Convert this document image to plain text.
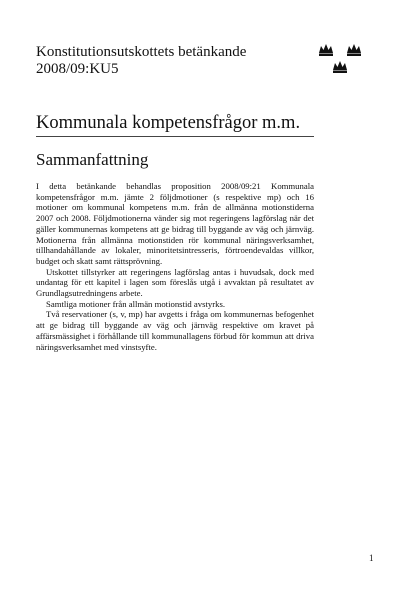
Konstitutionsutskottets betänkande
2008/09:KU5
Kommunala kompetensfrågor m.m.
Sammanfattning

I detta betänkande behandlas proposition 2008/09:21 Kommunala kompetensfrågor m.m. jämte 2 följdmotioner (s respektive mp) och 16 motioner om kommunal kompetens m.m. från de allmänna motionstiderna 2007 och 2008. Följdmotionerna vänder sig mot regeringens lagförslag när det gäller kommunernas kompetens att ge bidrag till byggande av väg och järnväg. Motionerna från allmänna motionstiden rör kommunal näringsverksamhet, tillhandahållande av lokaler, minoritetsintresseris, förtroendevaldas villkor, budget och skatt samt rättsprövning.

Utskottet tillstyrker att regeringens lagförslag antas i huvudsak, dock med undantag för ett kapitel i lagen som föreslås utgå i avvaktan på resultatet av Grundlagsutredningens arbete.

Samtliga motioner från allmän motionstid avstyrks.

Två reservationer (s, v, mp) har avgetts i fråga om kommunernas befogenhet att ge bidrag till byggande av väg och järnväg respektive om kravet på affärsmässighet i förhållande till kommunallagens förbud för kommun att driva näringsverksamhet med vinstsyfte.

1
